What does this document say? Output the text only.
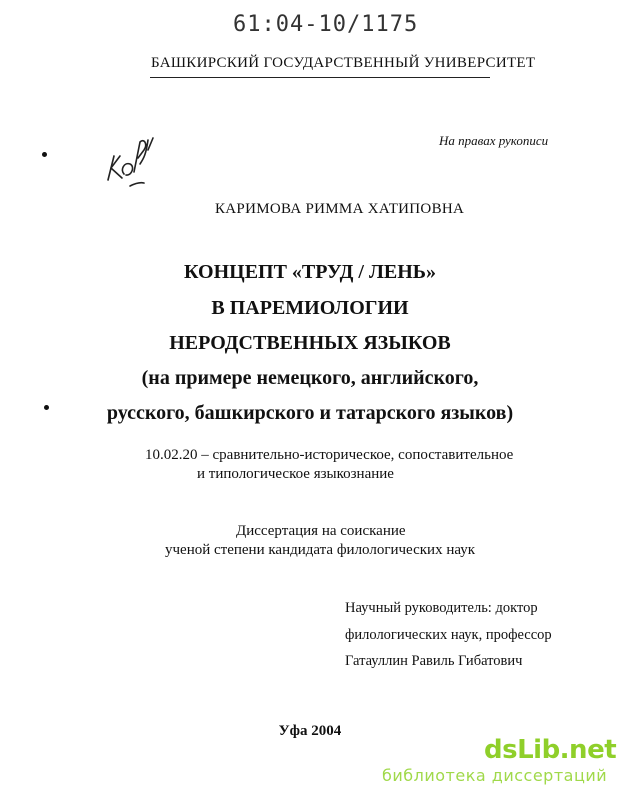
61:04-10/1175
БАШКИРСКИЙ ГОСУДАРСТВЕННЫЙ УНИВЕРСИТЕТ
На правах рукописи
КАРИМОВА РИММА ХАТИПОВНА
КОНЦЕПТ «ТРУД / ЛЕНЬ»
В ПАРЕМИОЛОГИИ
НЕРОДСТВЕННЫХ ЯЗЫКОВ
(на примере немецкого, английского,
русского, башкирского и татарского языков)
10.02.20 – сравнительно-историческое, сопоставительное
и типологическое языкознание
Диссертация на соискание
ученой степени кандидата филологических наук
Научный руководитель: доктор
филологических наук, профессор
Гатауллин Равиль Гибатович
Уфа 2004
dsLib.net
библиотека диссертаций
